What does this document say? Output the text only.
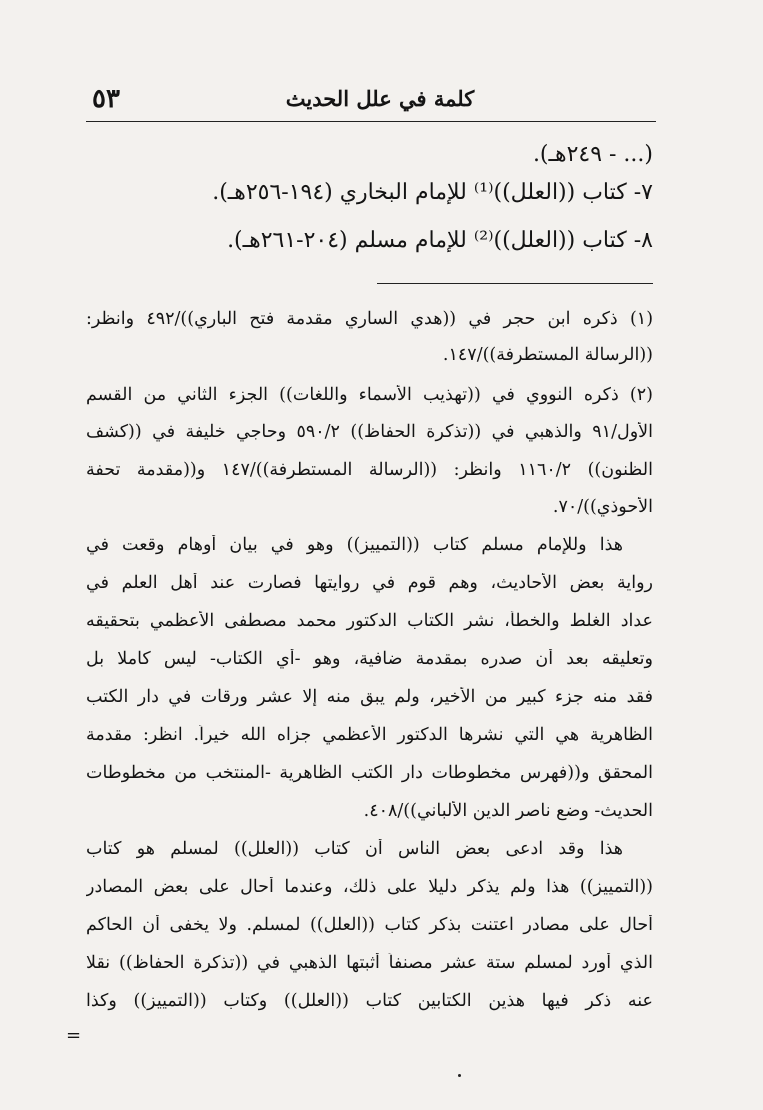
٥٣	كلمة في علل الحديث
(... - ٢٤٩هـ).
٧- كتاب ((العلل))⁽¹⁾ للإمام البخاري (١٩٤-٢٥٦هـ).
٨- كتاب ((العلل))⁽²⁾ للإمام مسلم (٢٠٤-٢٦١هـ).
(١) ذكره ابن حجر في ((هدي الساري مقدمة فتح الباري))/٤٩٢ وانظر:
((الرسالة المستطرفة))/١٤٧.
(٢) ذكره النووي في ((تهذيب الأسماء واللغات)) الجزء الثاني من القسم
الأول/٩١ والذهبي في ((تذكرة الحفاظ)) ٥٩٠/٢ وحاجي خليفة في ((كشف
الظنون)) ١١٦٠/٢ وانظر: ((الرسالة المستطرفة))/١٤٧ و((مقدمة تحفة
الأحوذي))/٧٠.
هذا وللإمام مسلم كتاب ((التمييز)) وهو في بيان أوهام وقعت في
رواية بعض الأحاديث، وهم قوم في روايتها فصارت عند أهل العلم في
عداد الغلط والخطأ، نشر الكتاب الدكتور محمد مصطفى الأعظمي بتحقيقه
وتعليقه بعد أن صدره بمقدمة ضافية، وهو -أي الكتاب- ليس كاملا بل
فقد منه جزء كبير من الأخير، ولم يبق منه إلا عشر ورقات في دار الكتب
الظاهرية هي التي نشرها الدكتور الأعظمي جزاه الله خيراً. انظر: مقدمة
المحقق و((فهرس مخطوطات دار الكتب الظاهرية -المنتخب من مخطوطات
الحديث- وضع ناصر الدين الألباني))/٤٠٨.
هذا وقد ادعى بعض الناس أن كتاب ((العلل)) لمسلم هو كتاب
((التمييز)) هذا ولم يذكر دليلا على ذلك، وعندما أحال على بعض المصادر
أحال على مصادر اعتنت بذكر كتاب ((العلل)) لمسلم. ولا يخفى أن الحاكم
الذي أورد لمسلم ستة عشر مصنفاً أثبتها الذهبي في ((تذكرة الحفاظ)) نقلا
عنه ذكر فيها هذين الكتابين كتاب ((العلل)) وكتاب ((التمييز)) وكذا
=
